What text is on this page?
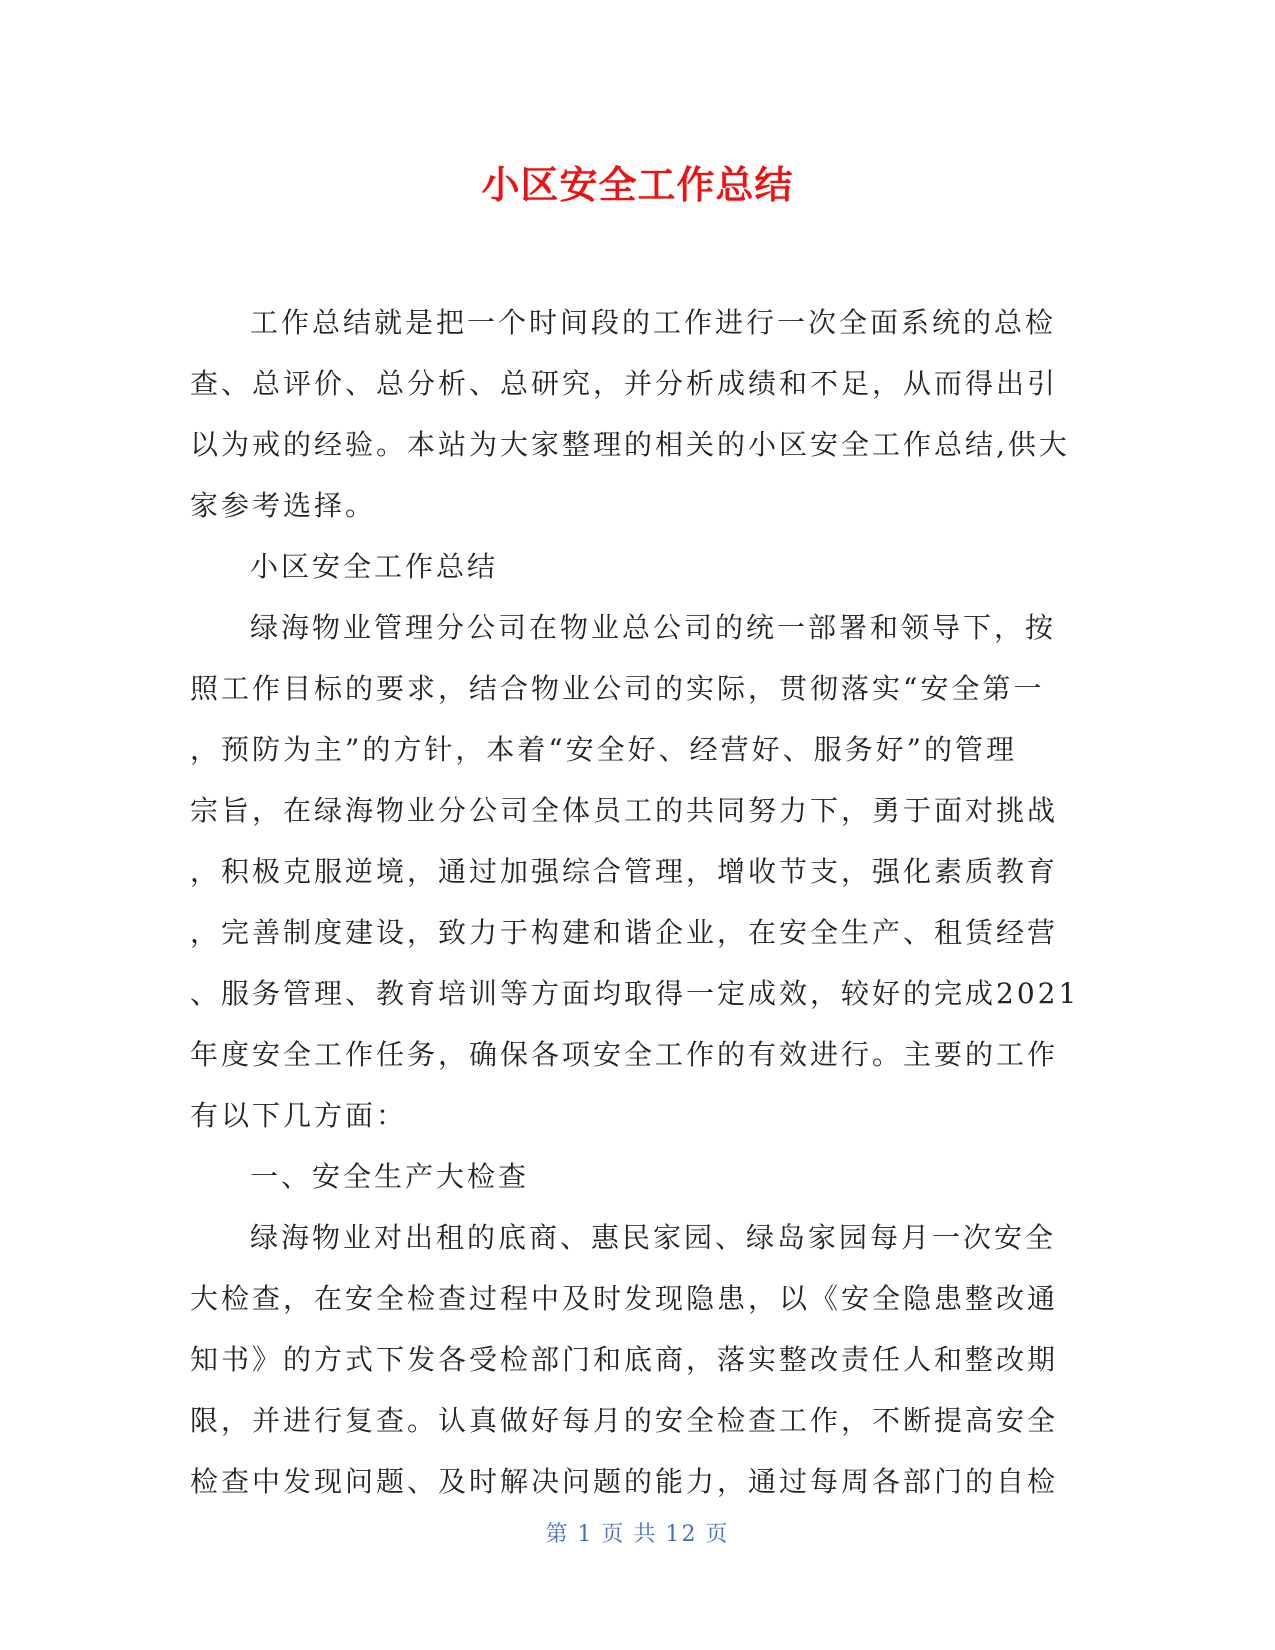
小区安全工作总结
工作总结就是把一个时间段的工作进行一次全面系统的总检
查、总评价、总分析、总研究，并分析成绩和不足，从而得出引
以为戒的经验。本站为大家整理的相关的小区安全工作总结,供大
家参考选择。
小区安全工作总结
绿海物业管理分公司在物业总公司的统一部署和领导下，按
照工作目标的要求，结合物业公司的实际，贯彻落实“安全第一
，预防为主”的方针，本着“安全好、经营好、服务好”的管理
宗旨，在绿海物业分公司全体员工的共同努力下，勇于面对挑战
，积极克服逆境，通过加强综合管理，增收节支，强化素质教育
，完善制度建设，致力于构建和谐企业，在安全生产、租赁经营
、服务管理、教育培训等方面均取得一定成效，较好的完成2021
年度安全工作任务，确保各项安全工作的有效进行。主要的工作
有以下几方面：
一、安全生产大检查
绿海物业对出租的底商、惠民家园、绿岛家园每月一次安全
大检查，在安全检查过程中及时发现隐患，以《安全隐患整改通
知书》的方式下发各受检部门和底商，落实整改责任人和整改期
限，并进行复查。认真做好每月的安全检查工作，不断提高安全
检查中发现问题、及时解决问题的能力，通过每周各部门的自检
第 1 页 共 12 页
